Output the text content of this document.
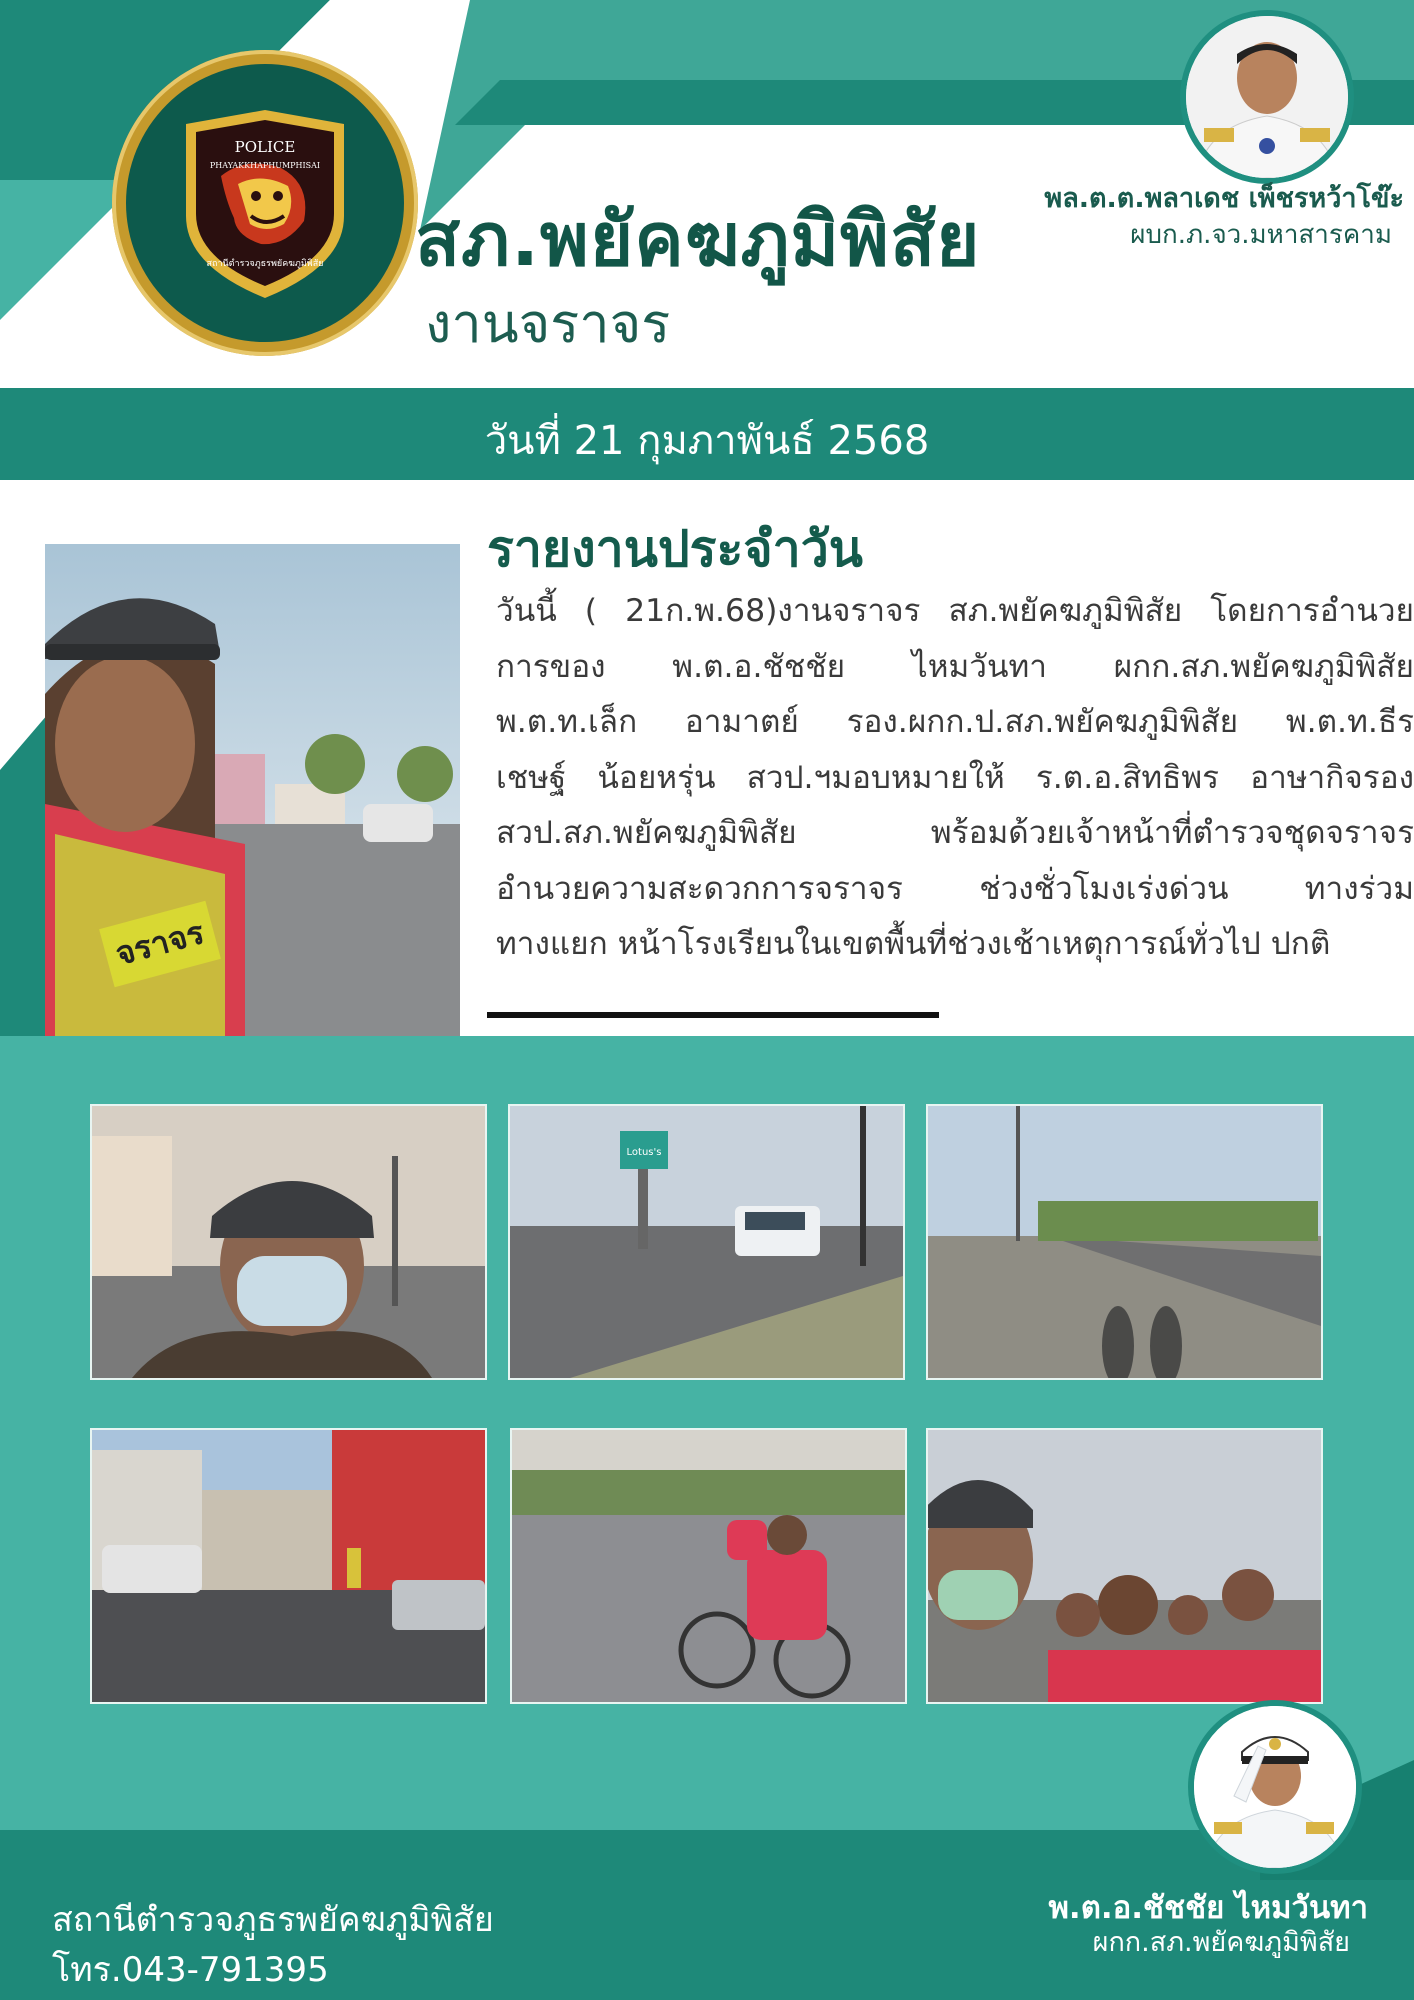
POLICE
PHAYAKKHAPHUMPHISAI
สถานีตำรวจภูธรพยัคฆภูมิพิสัย สภ.พยัคฆภูมิพิสัย
งานจราจร
พล.ต.ต.พลาเดช เพ็ชรหว้าโข๊ะ
ผบก.ภ.จว.มหาสารคาม
วันที่ 21 กุมภาพันธ์ 2568
จราจร
รายงานประจำวัน
วันนี้ ( 21ก.พ.68)งานจราจร สภ.พยัคฆภูมิพิสัย โดยการอำนวย
การของ พ.ต.อ.ชัชชัย ไหมวันทา ผกก.สภ.พยัคฆภูมิพิสัย
พ.ต.ท.เล็ก อามาตย์ รอง.ผกก.ป.สภ.พยัคฆภูมิพิสัย พ.ต.ท.ธีร
เชษฐ์ น้อยหรุ่น สวป.ฯมอบหมายให้ ร.ต.อ.สิทธิพร อาษากิจรอง
สวป.สภ.พยัคฆภูมิพิสัย พร้อมด้วยเจ้าหน้าที่ตำรวจชุดจราจร
อำนวยความสะดวกการจราจร ช่วงชั่วโมงเร่งด่วน ทางร่วม
ทางแยก หน้าโรงเรียนในเขตพื้นที่ช่วงเช้าเหตุการณ์ทั่วไป ปกติ
Lotus's
สถานีตำรวจภูธรพยัคฆภูมิพิสัย
โทร.043-791395
พ.ต.อ.ชัชชัย ไหมวันทา
ผกก.สภ.พยัคฆภูมิพิสัย
